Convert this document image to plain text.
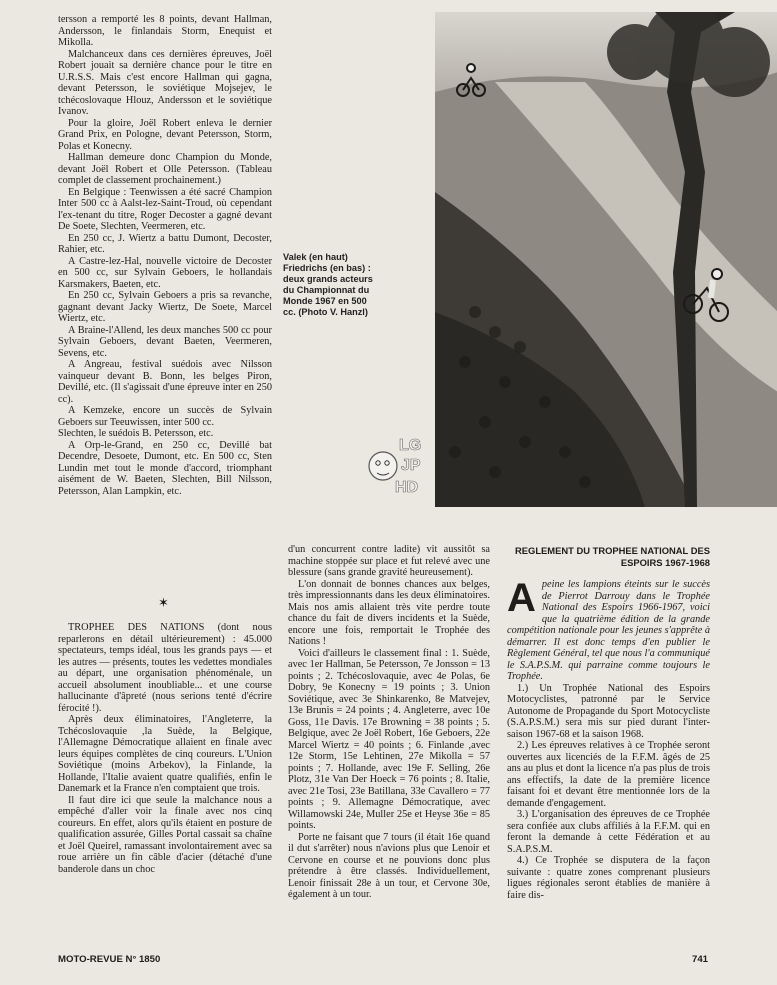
tersson a remporté les 8 points, devant Hallman, Andersson, le finlandais Storm, Enequist et Mikolla.

Malchanceux dans ces dernières épreuves, Joël Robert jouait sa dernière chance pour le titre en U.R.S.S. Mais c'est encore Hallman qui gagna, devant Petersson, le soviétique Mojsejev, le tchécoslovaque Hlouz, Andersson et le soviétique Ivanov.

Pour la gloire, Joël Robert enleva le dernier Grand Prix, en Pologne, devant Petersson, Storm, Polas et Konecny.

Hallman demeure donc Champion du Monde, devant Joël Robert et Olle Petersson. (Tableau complet de classement prochainement.)

En Belgique : Teenwissen a été sacré Champion Inter 500 cc à Aalst-lez-Saint-Troud, où cependant l'ex-tenant du titre, Roger Decoster a gagné devant De Soete, Slechten, Veermeren, etc.

En 250 cc, J. Wiertz a battu Dumont, Decoster, Rahier, etc.

A Castre-lez-Hal, nouvelle victoire de Decoster en 500 cc, sur Sylvain Geboers, le hollandais Karsmakers, Baeten, etc.

En 250 cc, Sylvain Geboers a pris sa revanche, gagnant devant Jacky Wiertz, De Soete, Marcel Wiertz, etc.

A Braine-l'Allend, les deux manches 500 cc pour Sylvain Geboers, devant Baeten, Veermeren, Sevens, etc.

A Angreau, festival suédois avec Nilsson vainqueur devant B. Bonn, les belges Piron, Devillé, etc. (Il s'agissait d'une épreuve inter en 250 cc).

A Kemzeke, encore un succès de Sylvain Geboers sur Teeuwissen, inter 500 cc.

Slechten, le suédois B. Petersson, etc.

A Orp-le-Grand, en 250 cc, Devillé bat Decendre, Desoete, Dumont, etc. En 500 cc, Sten Lundin met tout le monde d'accord, triomphant aisément de W. Baeten, Slechten, Bill Nilsson, Petersson, Alan Lampkin, etc.

✶

TROPHEE DES NATIONS (dont nous reparlerons en détail ultérieurement) : 45.000 spectateurs, temps idéal, tous les grands pays — et les autres — présents, toutes les vedettes mondiales au départ, une organisation phénoménale, un accueil absolument inoubliable... et une course hallucinante d'âpreté (nous serions tenté d'écrire férocité !).

Après deux éliminatoires, l'Angleterre, la Tchécoslovaquie ,la Suède, la Belgique, l'Allemagne Démocratique allaient en finale avec leurs équipes complètes de cinq coureurs. L'Union Soviétique (moins Arbekov), la Finlande, la Hollande, l'Italie avaient quatre qualifiés, enfin le Danemark et la France n'en comptaient que trois.

Il faut dire ici que seule la malchance nous a empêché d'aller voir la finale avec nos cinq coureurs. En effet, alors qu'ils étaient en posture de qualification assurée, Gilles Portal cassait sa chaîne et Joël Queirel, ramassant involontairement avec sa roue arrière un fin câble d'acier (détaché d'une banderole dans un choc

Valek (en haut) Friedrichs (en bas) : deux grands acteurs du Championnat du Monde 1967 en 500 cc. (Photo V. Hanzl)
LG
JP
HD

d'un concurrent contre ladite) vit aussitôt sa machine stoppée sur place et fut relevé avec une blessure (sans grande gravité heureusement).

L'on donnait de bonnes chances aux belges, très impressionnants dans les deux éliminatoires. Mais nos amis allaient très vite perdre toute chance du fait de divers incidents et la Suède, encore une fois, remportait le Trophée des Nations !

Voici d'ailleurs le classement final : 1. Suède, avec 1er Hallman, 5e Petersson, 7e Jonsson = 13 points ; 2. Tchécoslovaquie, avec 4e Polas, 6e Dobry, 9e Konecny = 19 points ; 3. Union Soviétique, avec 3e Shinkarenko, 8e Matvejev, 13e Brunis = 24 points ; 4. Angleterre, avec 10e Goss, 11e Davis. 17e Browning = 38 points ; 5. Belgique, avec 2e Joël Robert, 16e Geboers, 22e Marcel Wiertz = 40 points ; 6. Finlande ,avec 12e Storm, 15e Lehtinen, 27e Mikolla = 57 points ; 7. Hollande, avec 19e F. Selling, 26e Plotz, 31e Van Der Hoeck = 76 points ; 8. Italie, avec 21e Tosi, 23e Batillana, 33e Cavallero = 77 points ; 9. Allemagne Démocratique, avec Willamowski 24e, Muller 25e et Heyse 36e = 85 points.

Porte ne faisant que 7 tours (il était 16e quand il dut s'arrêter) nous n'avions plus que Lenoir et Cervone en course et ne pouvions donc plus prétendre à être classés. Individuellement, Lenoir finissait 28e à un tour, et Cervone 30e, également à un tour.

REGLEMENT DU TROPHEE NATIONAL DES ESPOIRS 1967-1968

Apeine les lampions éteints sur le succès de Pierrot Darrouy dans le Trophée National des Espoirs 1966-1967, voici que la quatrième édition de la grande compétition nationale pour les jeunes s'apprête à démarrer. Il est donc temps d'en publier le Règlement Général, tel que nous l'a communiqué le S.A.P.S.M. qui parraine comme toujours le Trophée.

1.) Un Trophée National des Espoirs Motocyclistes, patronné par le Service Autonome de Propagande du Sport Motocycliste (S.A.P.S.M.) sera mis sur pied durant l'inter-saison 1967-68 et la saison 1968.

2.) Les épreuves relatives à ce Trophée seront ouvertes aux licenciés de la F.F.M. âgés de 25 ans au plus et dont la licence n'a pas plus de trois ans effectifs, la date de la première licence faisant foi et devant être mentionnée lors de la demande d'engagement.

3.) L'organisation des épreuves de ce Trophée sera confiée aux clubs affiliés à la F.F.M. qui en feront la demande à cette Fédération et au S.A.P.S.M.

4.) Ce Trophée se disputera de la façon suivante : quatre zones comprenant plusieurs ligues régionales seront établies de manière à faire dis-

MOTO-REVUE N° 1850	741
